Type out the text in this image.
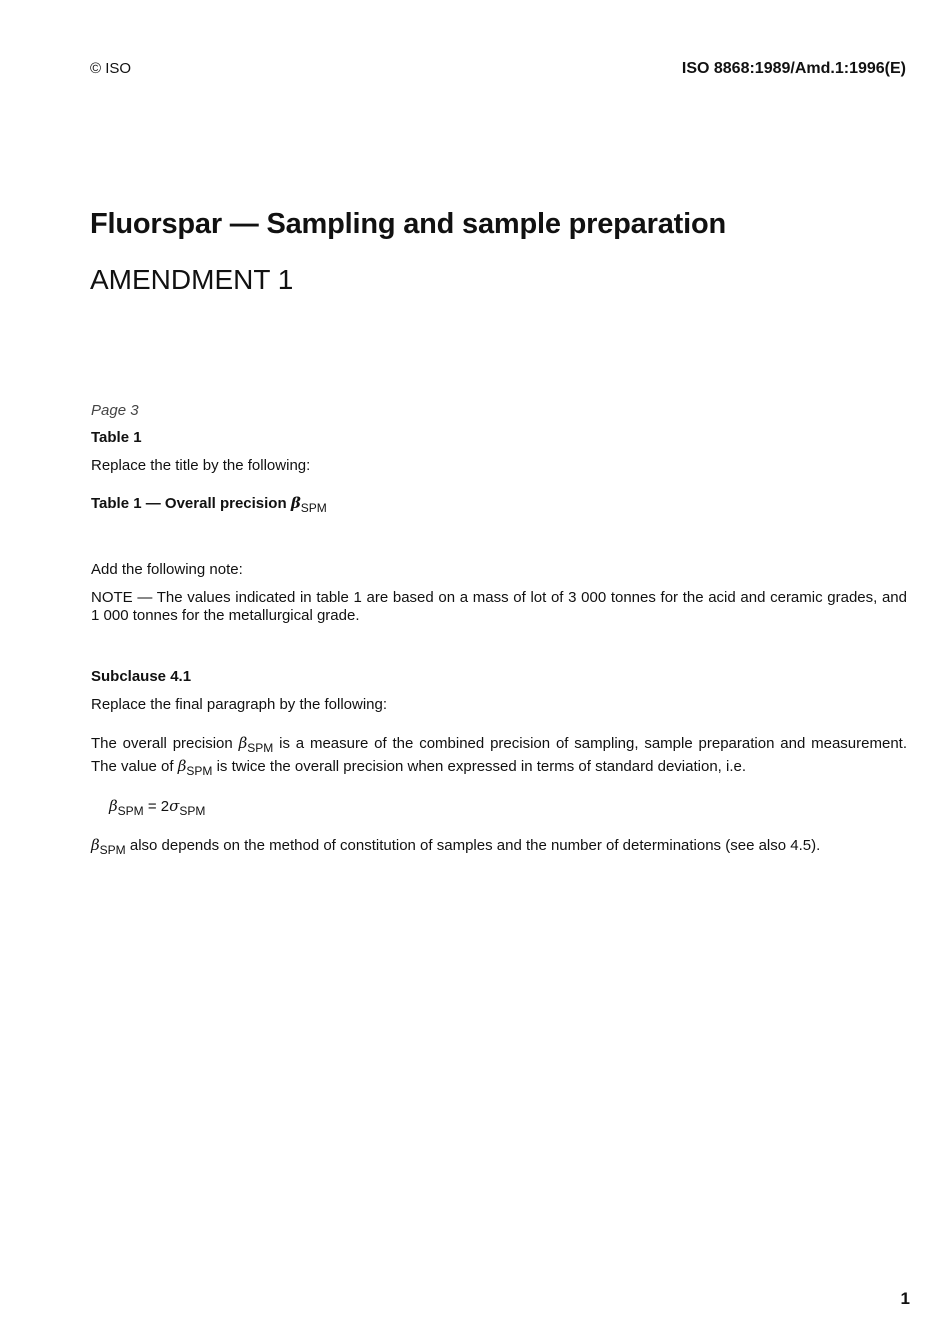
© ISO	ISO 8868:1989/Amd.1:1996(E)
Fluorspar — Sampling and sample preparation
AMENDMENT 1

Page 3

Table 1

Replace the title by the following:

Table 1 — Overall precision $\beta_{SPM}$

Add the following note:

NOTE — The values indicated in table 1 are based on a mass of lot of 3 000 tonnes for the acid and ceramic grades, and 1 000 tonnes for the metallurgical grade.

Subclause 4.1

Replace the final paragraph by the following:

The overall precision $\beta_{SPM}$ is a measure of the combined precision of sampling, sample preparation and measurement. The value of $\beta_{SPM}$ is twice the overall precision when expressed in terms of standard deviation, i.e.

$\beta_{SPM} = 2\sigma_{SPM}$

$\beta_{SPM}$ also depends on the method of constitution of samples and the number of determinations (see also 4.5).

1
